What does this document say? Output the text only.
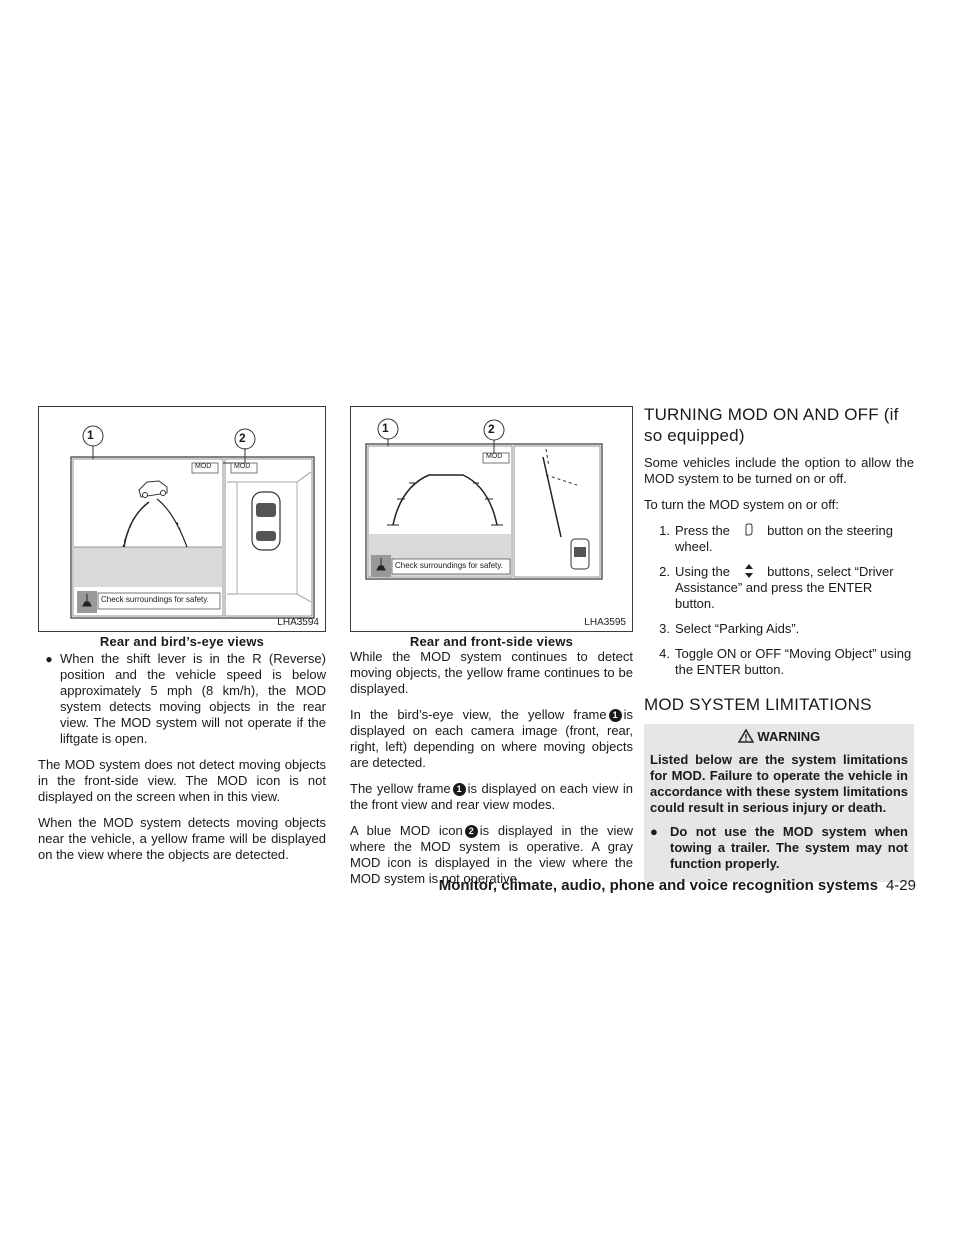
1	2
MOD	MOD
Check surroundings for safety.
LHA3594
Rear and bird’s-eye views
● When the shift lever is in the R (Reverse) position and the vehicle speed is below approximately 5 mph (8 km/h), the MOD system detects moving objects in the rear view. The MOD system will not operate if the liftgate is open.

The MOD system does not detect moving objects in the front-side view. The MOD icon is not displayed on the screen when in this view.

When the MOD system detects moving objects near the vehicle, a yellow frame will be displayed on the view where the objects are detected.

1	2
MOD
Check surroundings for safety.
LHA3595
Rear and front-side views

While the MOD system continues to detect moving objects, the yellow frame continues to be displayed.

In the bird’s-eye view, the yellow frame 1 is displayed on each camera image (front, rear, right, left) depending on where moving objects are detected.

The yellow frame 1 is displayed on each view in the front view and rear view modes.

A blue MOD icon 2 is displayed in the view where the MOD system is operative. A gray MOD icon is displayed in the view where the MOD system is not operative.

TURNING MOD ON AND OFF (if so equipped)

Some vehicles include the option to allow the MOD system to be turned on or off.

To turn the MOD system on or off:

1. Press the	button on the steering wheel.
2. Using the	buttons, select “Driver Assistance” and press the ENTER button.
3. Select “Parking Aids”.
4. Toggle ON or OFF “Moving Object” using the ENTER button.
MOD SYSTEM LIMITATIONS
WARNING
Listed below are the system limitations for MOD. Failure to operate the vehicle in accordance with these system limitations could result in serious injury or death.
● Do not use the MOD system when towing a trailer. The system may not function properly.
Monitor, climate, audio, phone and voice recognition systems 4-29
